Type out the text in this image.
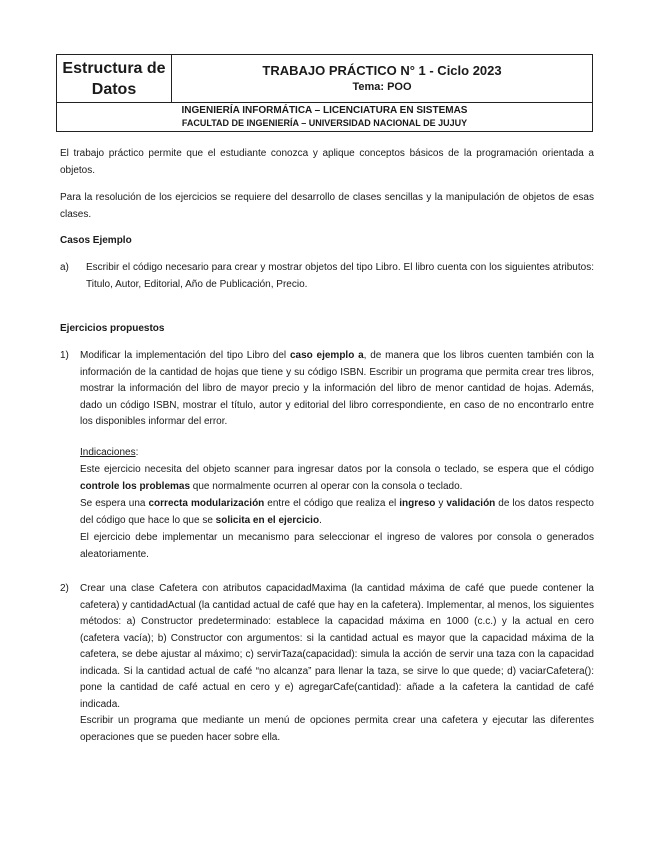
Estructura de Datos	
TRABAJO PRÁCTICO N° 1 - Ciclo 2023
Tema: POO

INGENIERÍA INFORMÁTICA – LICENCIATURA EN SISTEMAS
FACULTAD DE INGENIERÍA – UNIVERSIDAD NACIONAL DE JUJUY

El trabajo práctico permite que el estudiante conozca y aplique conceptos básicos de la programación orientada a objetos.

Para la resolución de los ejercicios se requiere del desarrollo de clases sencillas y la manipulación de objetos de esas clases.

Casos Ejemplo

a) Escribir el código necesario para crear y mostrar objetos del tipo Libro. El libro cuenta con los siguientes atributos: Titulo, Autor, Editorial, Año de Publicación, Precio.

Ejercicios propuestos

1) Modificar la implementación del tipo Libro del caso ejemplo a, de manera que los libros cuenten también con la información de la cantidad de hojas que tiene y su código ISBN. Escribir un programa que permita crear tres libros, mostrar la información del libro de mayor precio y la información del libro de menor cantidad de hojas. Además, dado un código ISBN, mostrar el título, autor y editorial del libro correspondiente, en caso de no encontrarlo entre los disponibles informar del error.

Indicaciones:

Este ejercicio necesita del objeto scanner para ingresar datos por la consola o teclado, se espera que el código controle los problemas que normalmente ocurren al operar con la consola o teclado.

Se espera una correcta modularización entre el código que realiza el ingreso y validación de los datos respecto del código que hace lo que se solicita en el ejercicio.

El ejercicio debe implementar un mecanismo para seleccionar el ingreso de valores por consola o generados aleatoriamente.

2) Crear una clase Cafetera con atributos capacidadMaxima (la cantidad máxima de café que puede contener la cafetera) y cantidadActual (la cantidad actual de café que hay en la cafetera). Implementar, al menos, los siguientes métodos: a) Constructor predeterminado: establece la capacidad máxima en 1000 (c.c.) y la actual en cero (cafetera vacía); b) Constructor con argumentos: si la cantidad actual es mayor que la capacidad máxima de la cafetera, se debe ajustar al máximo; c) servirTaza(capacidad): simula la acción de servir una taza con la capacidad indicada. Si la cantidad actual de café “no alcanza” para llenar la taza, se sirve lo que quede; d) vaciarCafetera(): pone la cantidad de café actual en cero y e) agregarCafe(cantidad): añade a la cafetera la cantidad de café indicada.
Escribir un programa que mediante un menú de opciones permita crear una cafetera y ejecutar las diferentes operaciones que se pueden hacer sobre ella.
